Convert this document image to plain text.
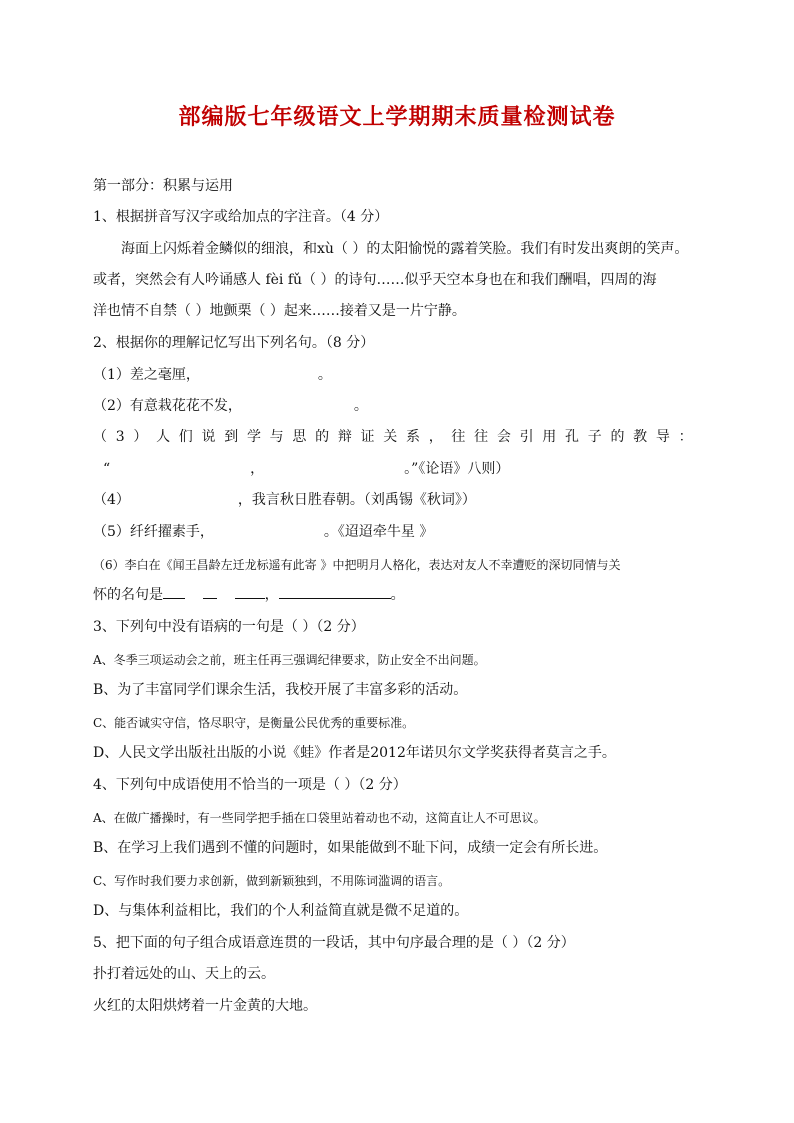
部编版七年级语文上学期期末质量检测试卷
第一部分：积累与运用
1、根据拼音写汉字或给加点的字注音。（4 分）
海面上闪烁着金鳞似的细浪，和xù（ ）的太阳愉悦的露着笑脸。我们有时发出爽朗的笑声。
或者，突然会有人吟诵感人 fèi fǔ（ ）的诗句……似乎天空本身也在和我们酬唱，四周的海
洋也情不自禁（ ）地颤栗（ ）起来……接着又是一片宁静。
2、根据你的理解记忆写出下列名句。（8 分）
（1）差之毫厘，	。
（2）有意栽花花不发，	。
（ 3 ） 人 们 说 到 学 与 思 的 辩 证 关 系 ， 往 往 会 引 用 孔 子 的 教 导 ：
“	，	。”《论语》八则）
（4）	，我言秋日胜春朝。（刘禹锡《秋词》）
（5）纤纤擢素手，	。《迢迢牵牛星 》
（6）李白在《闻王昌龄左迁龙标遥有此寄 》中把明月人格化，表达对友人不幸遭贬的深切同情与关
怀的名句是	，	。
3、下列句中没有语病的一句是（ ）（2 分）
A、冬季三项运动会之前，班主任再三强调纪律要求，防止安全不出问题。
B、为了丰富同学们课余生活，我校开展了丰富多彩的活动。
C、能否诚实守信，恪尽职守，是衡量公民优秀的重要标准。
D、人民文学出版社出版的小说《蛙》作者是2012年诺贝尔文学奖获得者莫言之手。
4、下列句中成语使用不恰当的一项是（ ）（2 分）
A、在做广播操时，有一些同学把手插在口袋里站着动也不动，这简直让人不可思议。
B、在学习上我们遇到不懂的问题时，如果能做到不耻下问，成绩一定会有所长进。
C、写作时我们要力求创新，做到新颖独到，不用陈词滥调的语言。
D、与集体利益相比，我们的个人利益简直就是微不足道的。
5、把下面的句子组合成语意连贯的一段话，其中句序最合理的是（ ）（2 分）
扑打着远处的山、天上的云。
火红的太阳烘烤着一片金黄的大地。
